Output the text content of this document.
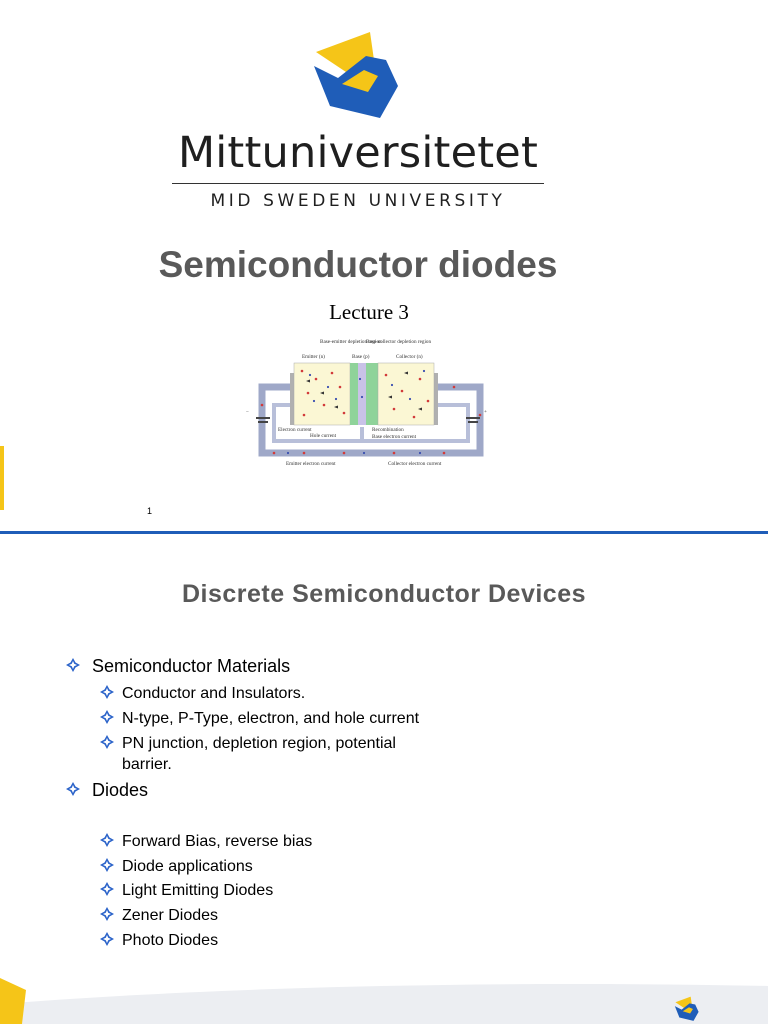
Mittuniversitetet
MID SWEDEN UNIVERSITY
Semiconductor diodes
Lecture 3
Base-emitter depletion region
Base-collector depletion region
Emitter (n)	Base (p)	Collector (n)
Electron current
Hole current
Recombination
Base electron current
Emitter electron current	Collector electron current
−	+
1
Discrete Semiconductor Devices
Semiconductor Materials
Conductor and Insulators.
N-type, P-Type, electron, and hole current
PN junction, depletion region, potential barrier.
Diodes
Forward Bias, reverse bias
Diode applications
Light Emitting Diodes
Zener Diodes
Photo Diodes
